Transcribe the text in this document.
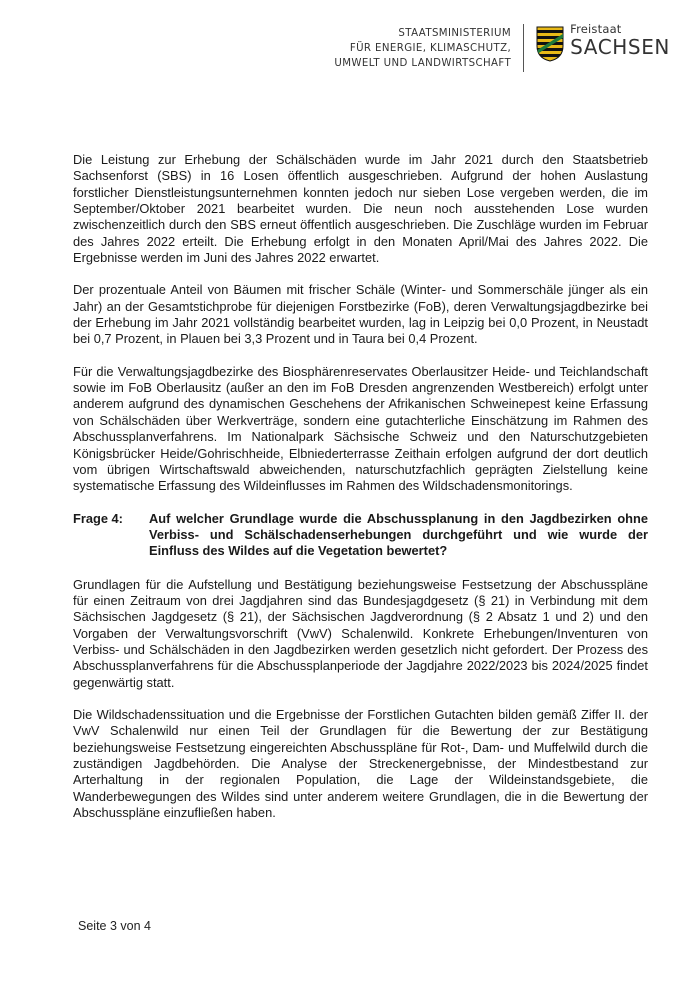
STAATSMINISTERIUM
FÜR ENERGIE, KLIMASCHUTZ,
UMWELT UND LANDWIRTSCHAFT
Freistaat
SACHSEN

Die Leistung zur Erhebung der Schälschäden wurde im Jahr 2021 durch den Staatsbetrieb Sachsenforst (SBS) in 16 Losen öffentlich ausgeschrieben. Aufgrund der hohen Auslastung forstlicher Dienstleistungsunternehmen konnten jedoch nur sieben Lose vergeben werden, die im September/Oktober 2021 bearbeitet wurden. Die neun noch ausstehenden Lose wurden zwischenzeitlich durch den SBS erneut öffentlich ausgeschrieben. Die Zuschläge wurden im Februar des Jahres 2022 erteilt. Die Erhebung erfolgt in den Monaten April/Mai des Jahres 2022. Die Ergebnisse werden im Juni des Jahres 2022 erwartet.

Der prozentuale Anteil von Bäumen mit frischer Schäle (Winter- und Sommerschäle jünger als ein Jahr) an der Gesamtstichprobe für diejenigen Forstbezirke (FoB), deren Verwaltungsjagdbezirke bei der Erhebung im Jahr 2021 vollständig bearbeitet wurden, lag in Leipzig bei 0,0 Prozent, in Neustadt bei 0,7 Prozent, in Plauen bei 3,3 Prozent und in Taura bei 0,4 Prozent.

Für die Verwaltungsjagdbezirke des Biosphärenreservates Oberlausitzer Heide- und Teichlandschaft sowie im FoB Oberlausitz (außer an den im FoB Dresden angrenzenden Westbereich) erfolgt unter anderem aufgrund des dynamischen Geschehens der Afrikanischen Schweinepest keine Erfassung von Schälschäden über Werkverträge, sondern eine gutachterliche Einschätzung im Rahmen des Abschussplanverfahrens. Im Nationalpark Sächsische Schweiz und den Naturschutzgebieten Königsbrücker Heide/Gohrischheide, Elbniederterrasse Zeithain erfolgen aufgrund der dort deutlich vom übrigen Wirtschaftswald abweichenden, naturschutzfachlich geprägten Zielstellung keine systematische Erfassung des Wildeinflusses im Rahmen des Wildschadensmonitorings.

Frage 4:	Auf welcher Grundlage wurde die Abschussplanung in den Jagdbezirken ohne Verbiss- und Schälschadenserhebungen durchgeführt und wie wurde der Einfluss des Wildes auf die Vegetation bewertet?

Grundlagen für die Aufstellung und Bestätigung beziehungsweise Festsetzung der Abschusspläne für einen Zeitraum von drei Jagdjahren sind das Bundesjagdgesetz (§ 21) in Verbindung mit dem Sächsischen Jagdgesetz (§ 21), der Sächsischen Jagdverordnung (§ 2 Absatz 1 und 2) und den Vorgaben der Verwaltungsvorschrift (VwV) Schalenwild. Konkrete Erhebungen/Inventuren von Verbiss- und Schälschäden in den Jagdbezirken werden gesetzlich nicht gefordert. Der Prozess des Abschussplanverfahrens für die Abschussplanperiode der Jagdjahre 2022/2023 bis 2024/2025 findet gegenwärtig statt.

Die Wildschadenssituation und die Ergebnisse der Forstlichen Gutachten bilden gemäß Ziffer II. der VwV Schalenwild nur einen Teil der Grundlagen für die Bewertung der zur Bestätigung beziehungsweise Festsetzung eingereichten Abschusspläne für Rot-, Dam- und Muffelwild durch die zuständigen Jagdbehörden. Die Analyse der Streckenergebnisse, der Mindestbestand zur Arterhaltung in der regionalen Population, die Lage der Wildeinstandsgebiete, die Wanderbewegungen des Wildes sind unter anderem weitere Grundlagen, die in die Bewertung der Abschusspläne einzufließen haben.

Seite 3 von 4
